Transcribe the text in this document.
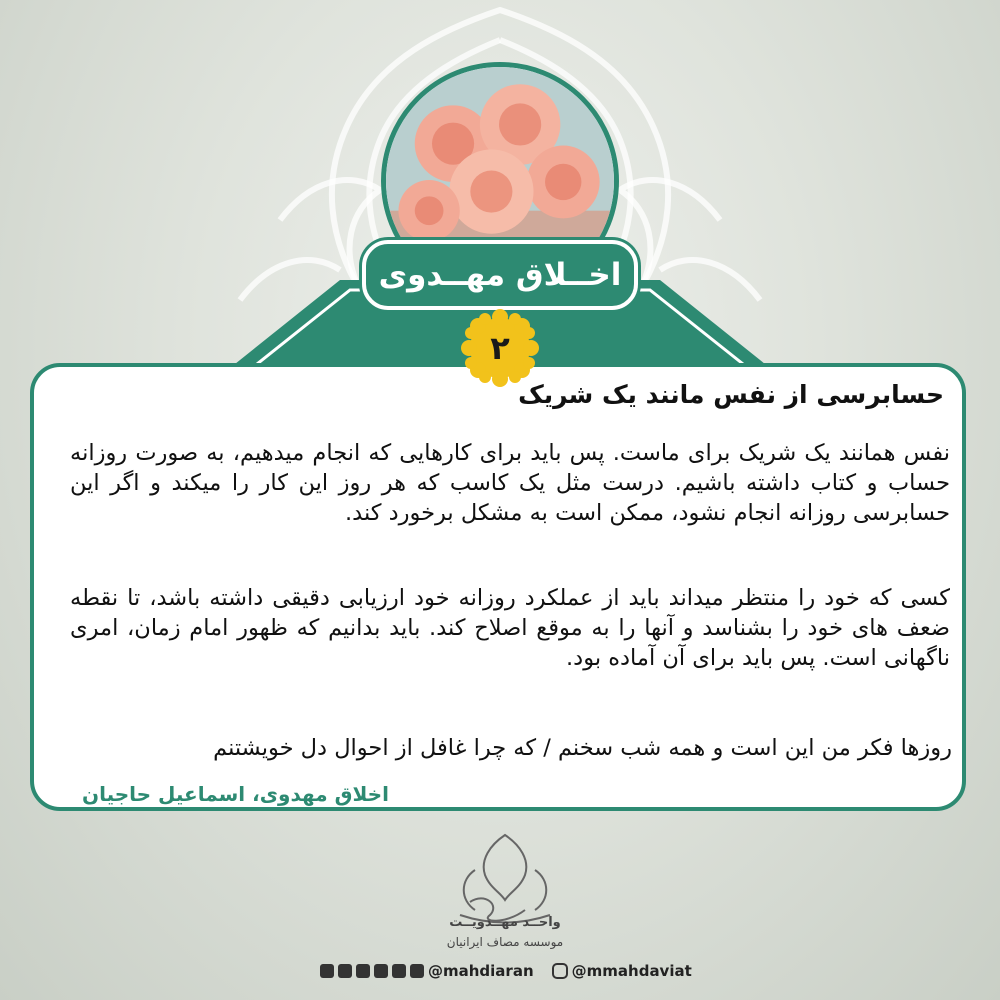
اخــلاق مهــدوی
۲
حسابرسی از نفس مانند یک شریک

نفس همانند یک شریک برای ماست. پس باید برای کارهایی که انجام میدهیم، به صورت روزانه حساب و کتاب داشته باشیم. درست مثل یک کاسب که هر روز این کار را میکند و اگر این حسابرسی روزانه انجام نشود، ممکن است به مشکل برخورد کند.

کسی که خود را منتظر میداند باید از عملکرد روزانه خود ارزیابی دقیقی داشته باشد، تا نقطه ضعف های خود را بشناسد و آنها را به موقع اصلاح کند. باید بدانیم که ظهور امام زمان، امری ناگهانی است. پس باید برای آن آماده بود.

روزها فکر من این است و همه شب سخنم / که چرا غافل از احوال دل خویشتنم
اخلاق مهدوی، اسماعیل حاجیان
واحــد مهــدویــت
موسسه مصاف ایرانیان
@mahdiaran	@mmahdaviat
